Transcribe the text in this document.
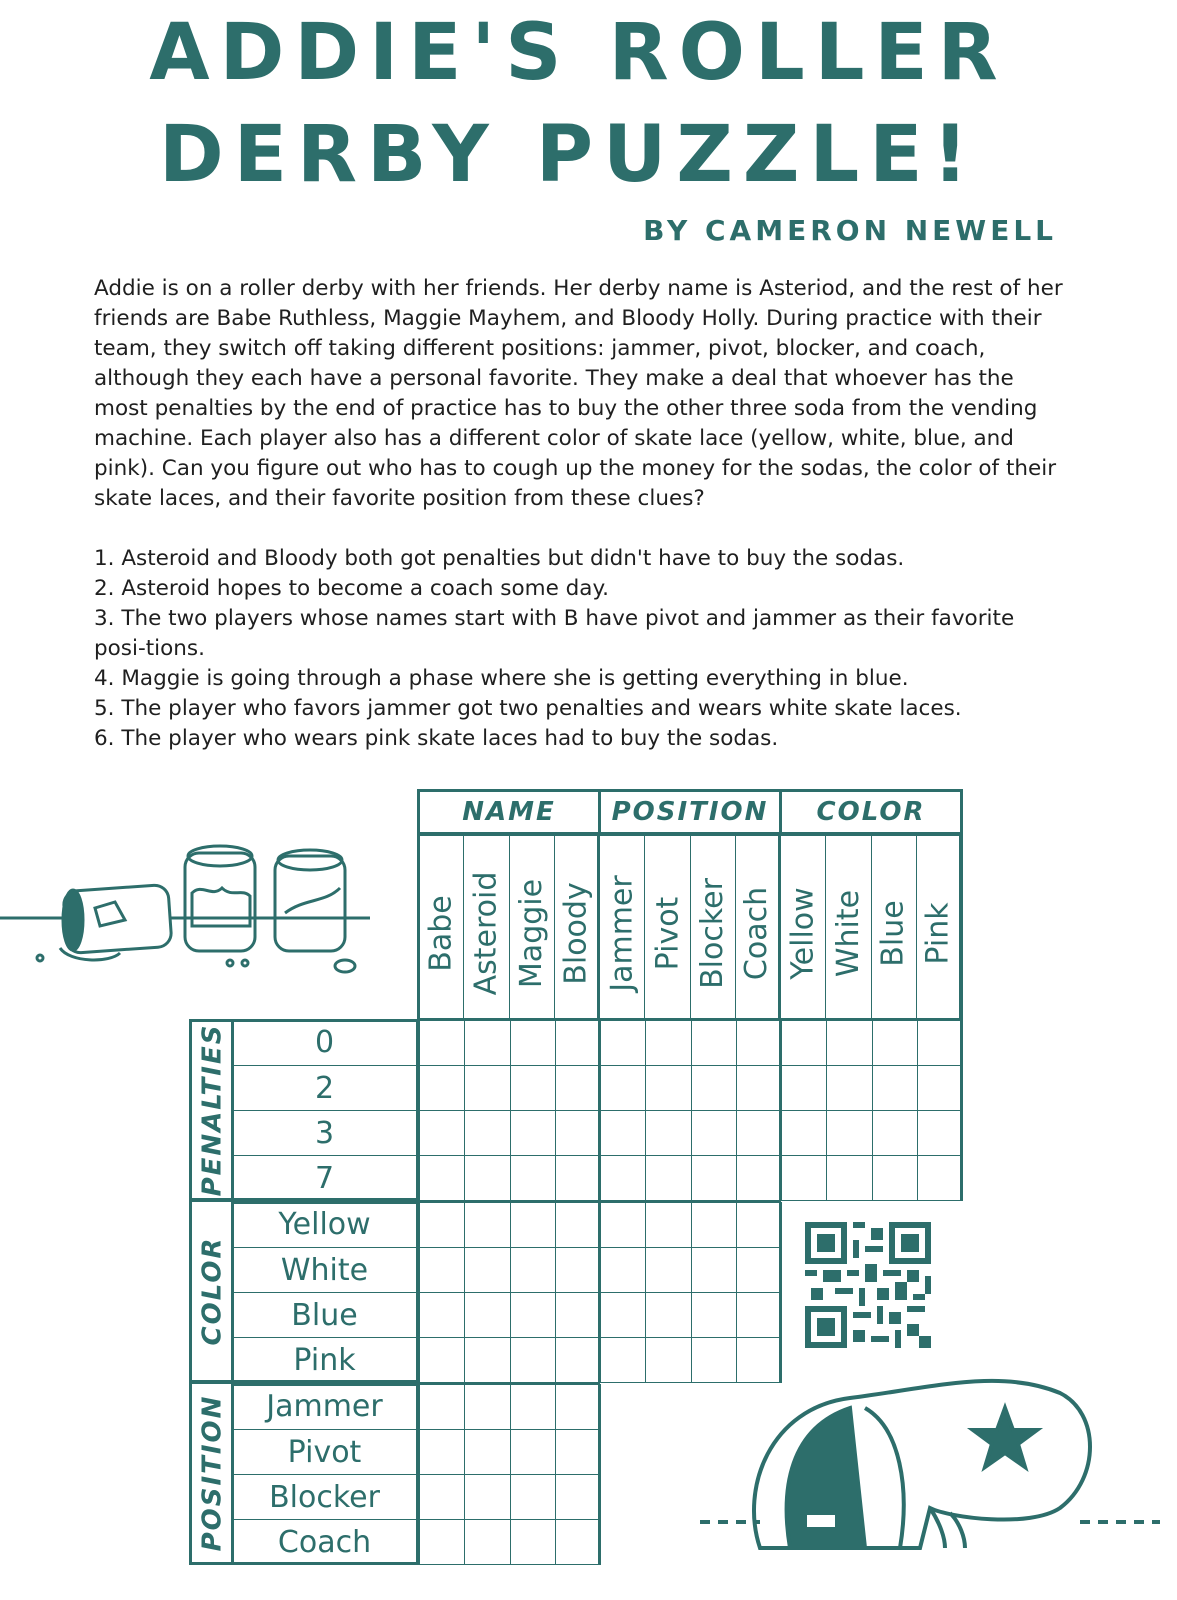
ADDIE'S ROLLER
DERBY PUZZLE!
BY CAMERON NEWELL
Addie is on a roller derby with her friends. Her derby name is Asteriod, and the rest of her friends are Babe Ruthless, Maggie Mayhem, and Bloody Holly. During practice with their team, they switch off taking different positions: jammer, pivot, blocker, and coach, although they each have a personal favorite. They make a deal that whoever has the most penalties by the end of practice has to buy the other three soda from the vending machine. Each player also has a different color of skate lace (yellow, white, blue, and pink). Can you figure out who has to cough up the money for the sodas, the color of their skate laces, and their favorite position from these clues?
1. Asteroid and Bloody both got penalties but didn't have to buy the sodas.
2. Asteroid hopes to become a coach some day.
3. The two players whose names start with B have pivot and jammer as their favorite posi-tions.
4. Maggie is going through a phase where she is getting everything in blue.
5. The player who favors jammer got two penalties and wears white skate laces.
6. The player who wears pink skate laces had to buy the sodas.
NAME	POSITION	COLOR
Babe Asteroid Maggie Bloody Jammer Pivot Blocker Coach Yellow White Blue Pink
PENALTIES
COLOR
POSITION
0
2
3
7
Yellow
White
Blue
Pink
Jammer
Pivot
Blocker
Coach
